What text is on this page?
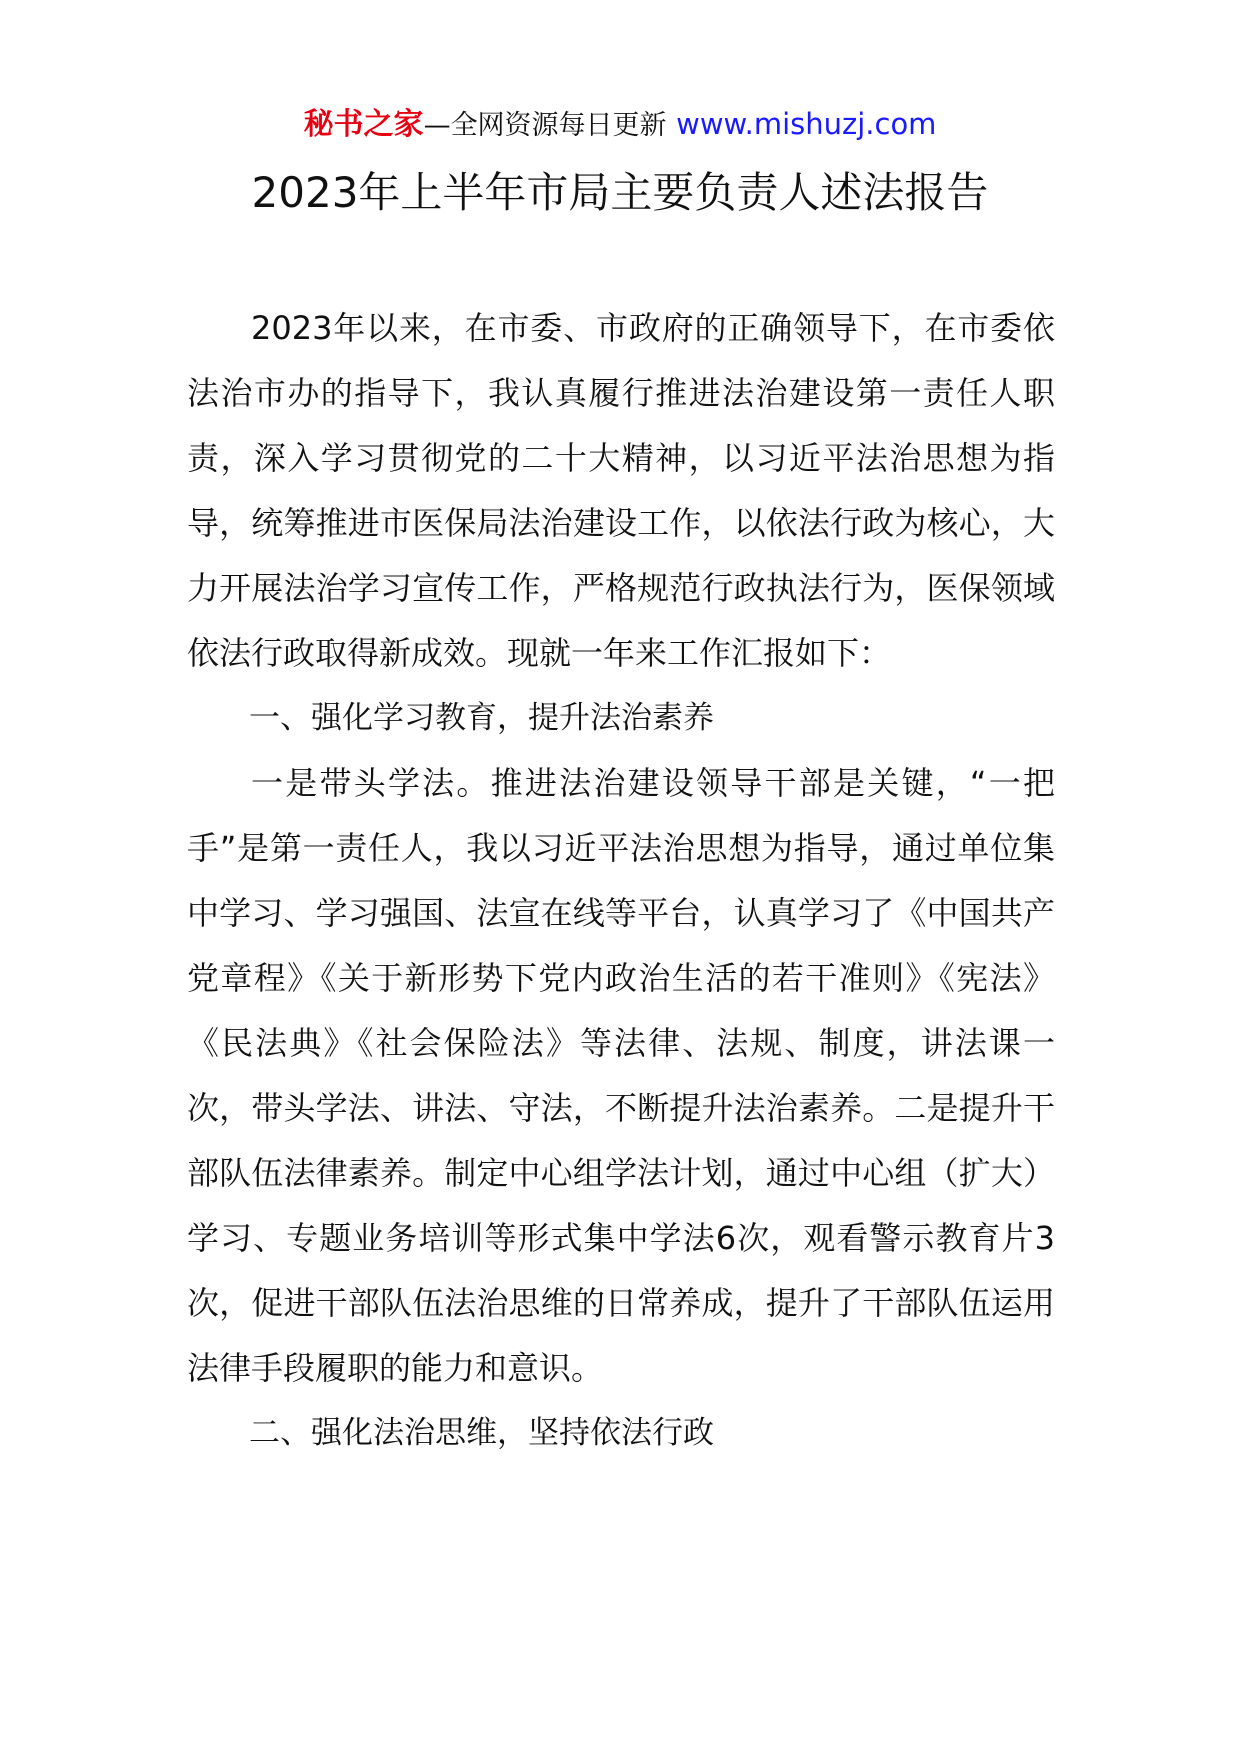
秘书之家—全网资源每日更新 www.mishuzj.com
2023年上半年市局主要负责人述法报告

2023年以来，在市委、市政府的正确领导下，在市委依法治市办的指导下，我认真履行推进法治建设第一责任人职责，深入学习贯彻党的二十大精神，以习近平法治思想为指导，统筹推进市医保局法治建设工作，以依法行政为核心，大力开展法治学习宣传工作，严格规范行政执法行为，医保领域依法行政取得新成效。现就一年来工作汇报如下：

一、强化学习教育，提升法治素养

一是带头学法。推进法治建设领导干部是关键，“一把手”是第一责任人，我以习近平法治思想为指导，通过单位集中学习、学习强国、法宣在线等平台，认真学习了《中国共产党章程》《关于新形势下党内政治生活的若干准则》《宪法》《民法典》《社会保险法》等法律、法规、制度，讲法课一次，带头学法、讲法、守法，不断提升法治素养。二是提升干部队伍法律素养。制定中心组学法计划，通过中心组（扩大）学习、专题业务培训等形式集中学法6次，观看警示教育片3次，促进干部队伍法治思维的日常养成，提升了干部队伍运用法律手段履职的能力和意识。

二、强化法治思维，坚持依法行政
